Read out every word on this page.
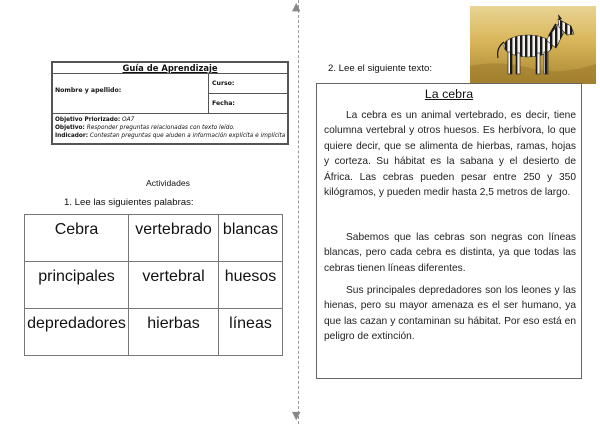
▲
▼
Guía de Aprendizaje
Nombre y apellido:
Curso:
Fecha:
Objetivo Priorizado: OA7
Objetivo: Responder preguntas relacionadas con texto leído.
Indicador: Contestan preguntas que aluden a información explícita e implícita
Actividades
1. Lee las siguientes palabras:
Cebra	vertebrado	blancas
principales	vertebral	huesos
depredadores	hierbas	líneas
2. Lee el siguiente texto:
La cebra
La cebra es un animal vertebrado, es decir, tiene columna vertebral y otros huesos. Es herbívora, lo que quiere decir, que se alimenta de hierbas, ramas, hojas y corteza. Su hábitat es la sabana y el desierto de África. Las cebras pueden pesar entre 250 y 350 kilógramos, y pueden medir hasta 2,5 metros de largo.
Sabemos que las cebras son negras con líneas blancas, pero cada cebra es distinta, ya que todas las cebras tienen líneas diferentes.
Sus principales depredadores son los leones y las hienas, pero su mayor amenaza es el ser humano, ya que las cazan y contaminan su hábitat. Por eso está en peligro de extinción.
